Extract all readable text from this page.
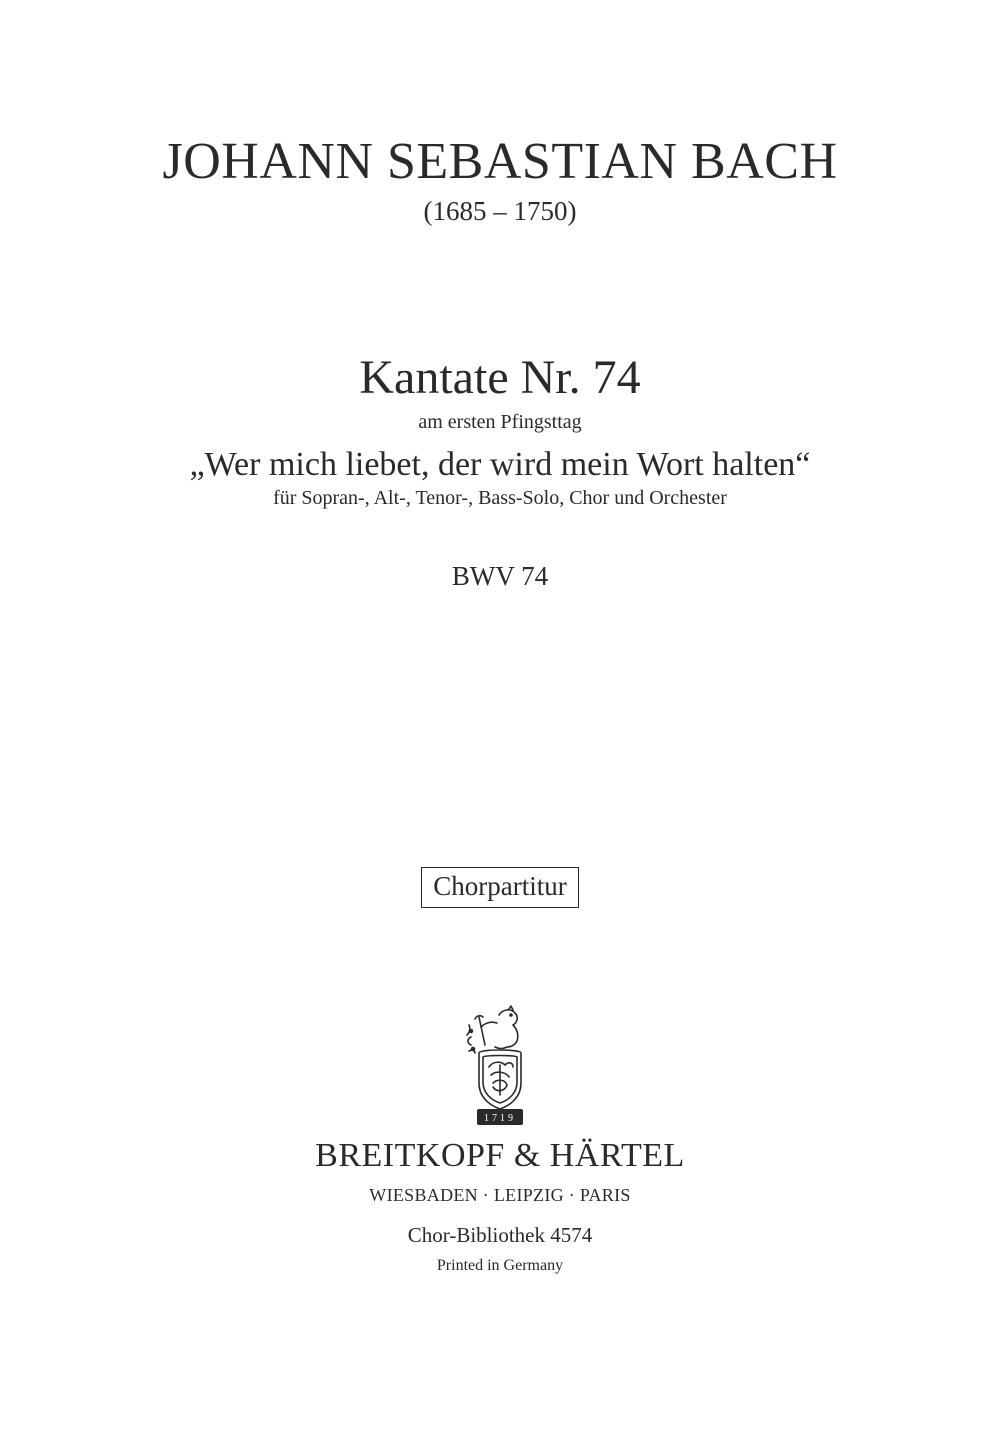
JOHANN SEBASTIAN BACH
(1685 – 1750)
Kantate Nr. 74
am ersten Pfingsttag
„Wer mich liebet, der wird mein Wort halten“
für Sopran-, Alt-, Tenor-, Bass-Solo, Chor und Orchester
BWV 74
Chorpartitur
1719
BREITKOPF & HÄRTEL
WIESBADEN · LEIPZIG · PARIS
Chor-Bibliothek 4574
Printed in Germany
